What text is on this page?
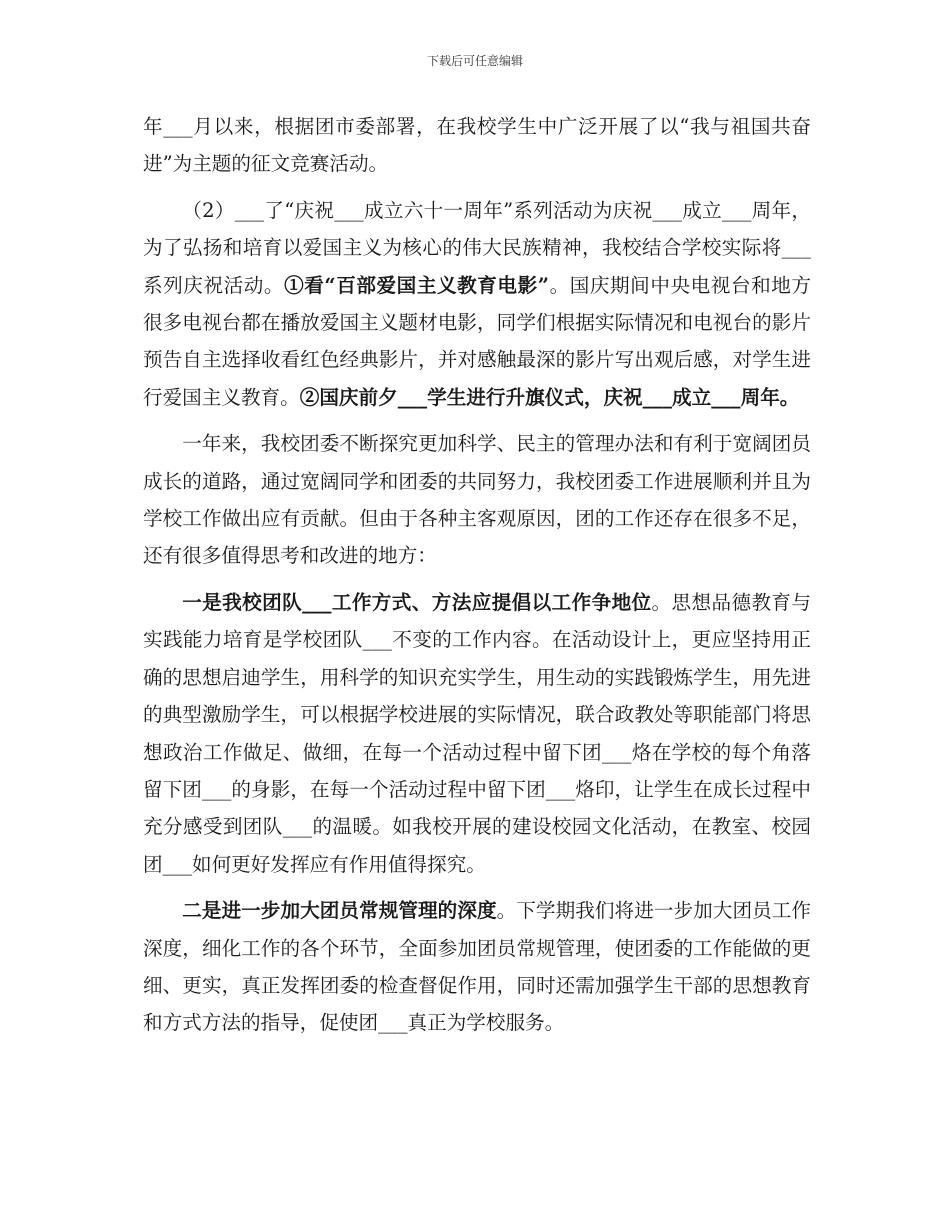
下载后可任意编辑

年___月以来，根据团市委部署，在我校学生中广泛开展了以“我与祖国共奋进”为主题的征文竞赛活动。

（2）___了“庆祝___成立六十一周年”系列活动为庆祝___成立___周年，为了弘扬和培育以爱国主义为核心的伟大民族精神，我校结合学校实际将___系列庆祝活动。①看“百部爱国主义教育电影”。国庆期间中央电视台和地方很多电视台都在播放爱国主义题材电影，同学们根据实际情况和电视台的影片预告自主选择收看红色经典影片，并对感触最深的影片写出观后感，对学生进行爱国主义教育。②国庆前夕___学生进行升旗仪式，庆祝___成立___周年。

一年来，我校团委不断探究更加科学、民主的管理办法和有利于宽阔团员成长的道路，通过宽阔同学和团委的共同努力，我校团委工作进展顺利并且为学校工作做出应有贡献。但由于各种主客观原因，团的工作还存在很多不足，还有很多值得思考和改进的地方：

一是我校团队___工作方式、方法应提倡以工作争地位。思想品德教育与实践能力培育是学校团队___不变的工作内容。在活动设计上，更应坚持用正确的思想启迪学生，用科学的知识充实学生，用生动的实践锻炼学生，用先进的典型激励学生，可以根据学校进展的实际情况，联合政教处等职能部门将思想政治工作做足、做细，在每一个活动过程中留下团___烙在学校的每个角落留下团___的身影，在每一个活动过程中留下团___烙印，让学生在成长过程中充分感受到团队___的温暖。如我校开展的建设校园文化活动，在教室、校园团___如何更好发挥应有作用值得探究。

二是进一步加大团员常规管理的深度。下学期我们将进一步加大团员工作深度，细化工作的各个环节，全面参加团员常规管理，使团委的工作能做的更细、更实，真正发挥团委的检查督促作用，同时还需加强学生干部的思想教育和方式方法的指导，促使团___真正为学校服务。
